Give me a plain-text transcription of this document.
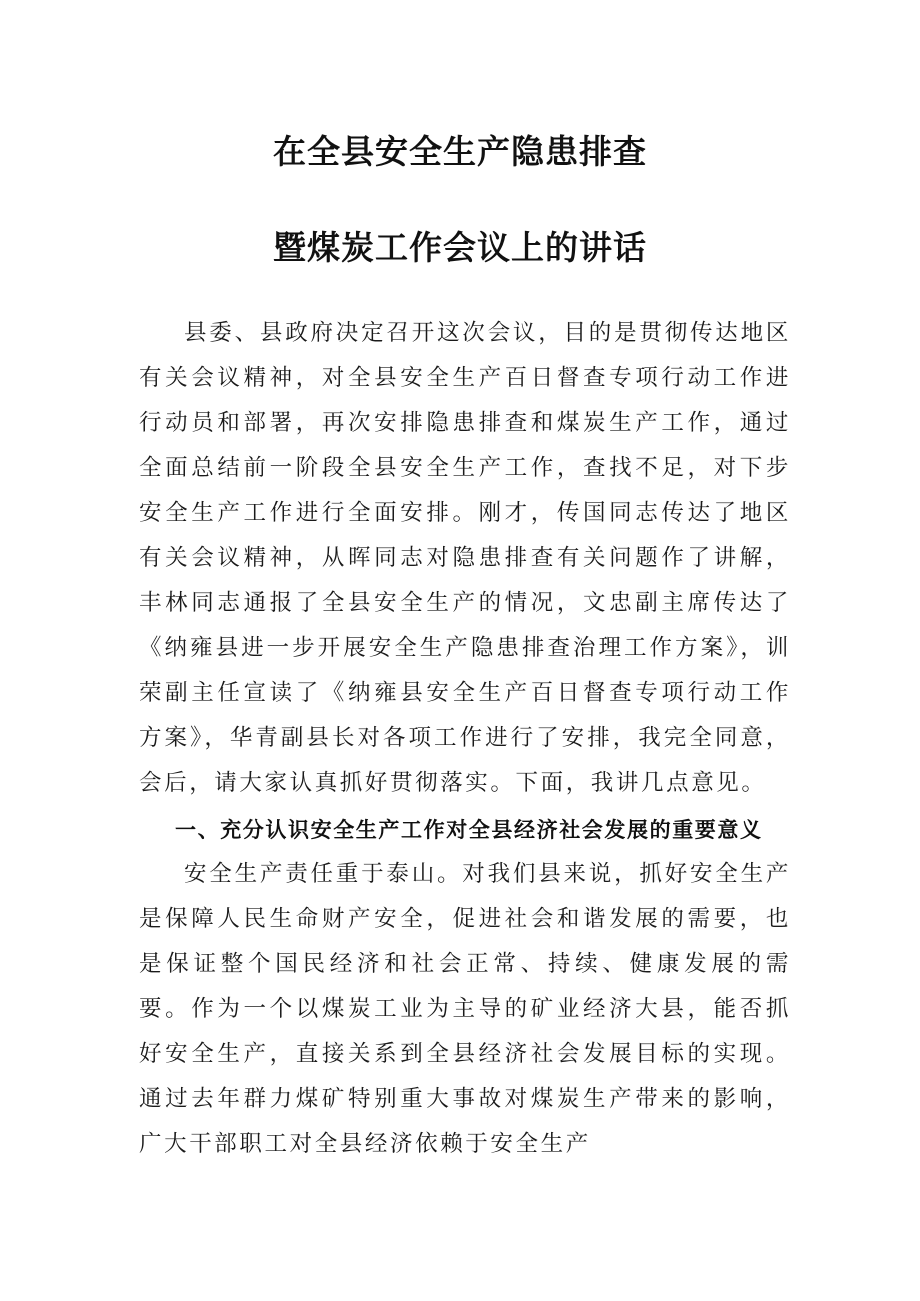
在全县安全生产隐患排查
暨煤炭工作会议上的讲话

县委、县政府决定召开这次会议，目的是贯彻传达地区有关会议精神，对全县安全生产百日督查专项行动工作进行动员和部署，再次安排隐患排查和煤炭生产工作，通过全面总结前一阶段全县安全生产工作，查找不足，对下步安全生产工作进行全面安排。刚才，传国同志传达了地区有关会议精神，从晖同志对隐患排查有关问题作了讲解，丰林同志通报了全县安全生产的情况，文忠副主席传达了《纳雍县进一步开展安全生产隐患排查治理工作方案》，训荣副主任宣读了《纳雍县安全生产百日督查专项行动工作方案》，华青副县长对各项工作进行了安排，我完全同意，会后，请大家认真抓好贯彻落实。下面，我讲几点意见。

一、充分认识安全生产工作对全县经济社会发展的重要意义

安全生产责任重于泰山。对我们县来说，抓好安全生产是保障人民生命财产安全，促进社会和谐发展的需要，也是保证整个国民经济和社会正常、持续、健康发展的需要。作为一个以煤炭工业为主导的矿业经济大县，能否抓好安全生产，直接关系到全县经济社会发展目标的实现。通过去年群力煤矿特别重大事故对煤炭生产带来的影响，广大干部职工对全县经济依赖于安全生产
